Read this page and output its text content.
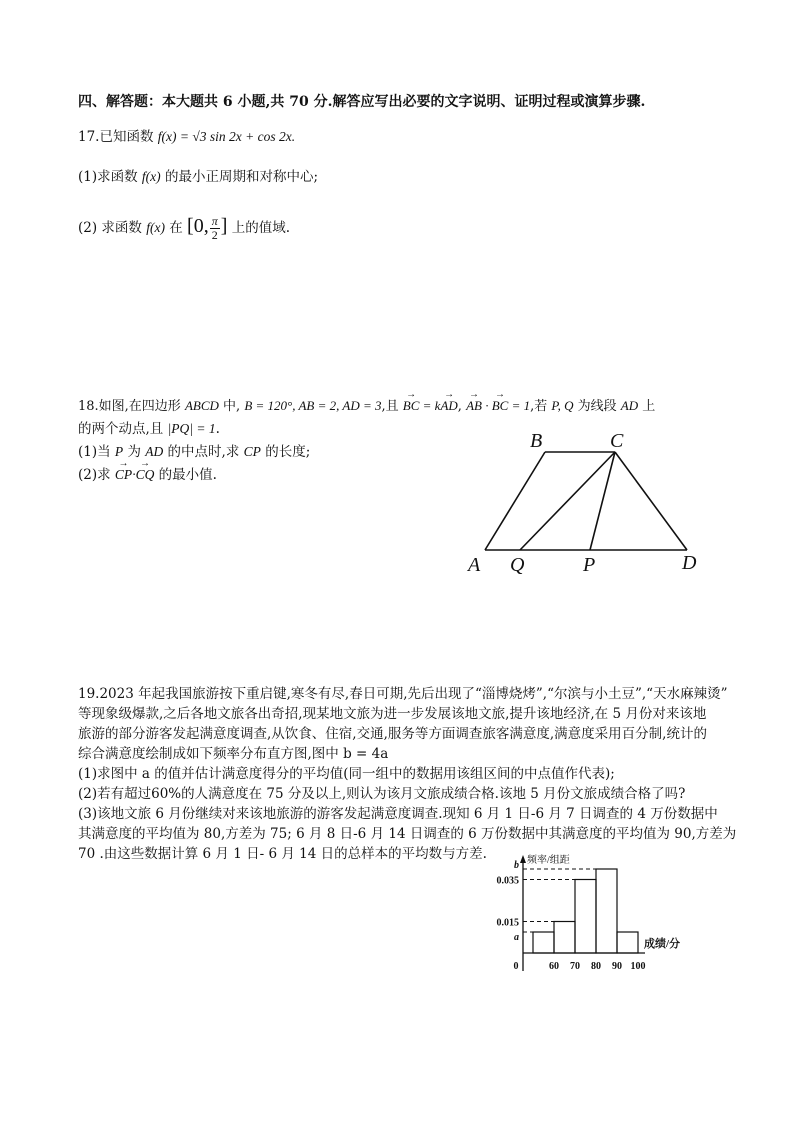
四、解答题：本大题共 6 小题,共 70 分.解答应写出必要的文字说明、证明过程或演算步骤.
17.已知函数 f(x) = √3 sin 2x + cos 2x.
(1)求函数 f(x) 的最小正周期和对称中心;
(2) 求函数 f(x) 在 [0, $\frac{\pi}{2}$ ] 上的值域.
18.如图,在四边形 ABCD 中, B = 120°, AB = 2, AD = 3,且 → BC = k→ AD, → AB · → BC = 1,若 P, Q 为线段 AD 上
的两个动点,且 |PQ| = 1.
(1)当 P 为 AD 的中点时,求 CP 的长度;
(2)求 → CP·→ CQ 的最小值.
B	C
A Q	P	D
19.2023 年起我国旅游按下重启键,寒冬有尽,春日可期,先后出现了“淄博烧烤”,“尔滨与小土豆”,“天水麻辣烫”
等现象级爆款,之后各地文旅各出奇招,现某地文旅为进一步发展该地文旅,提升该地经济,在 5 月份对来该地
旅游的部分游客发起满意度调查,从饮食、住宿,交通,服务等方面调查旅客满意度,满意度采用百分制,统计的
综合满意度绘制成如下频率分布直方图,图中 b = 4a
(1)求图中 a 的值并估计满意度得分的平均值(同一组中的数据用该组区间的中点值作代表);
(2)若有超过60%的人满意度在 75 分及以上,则认为该月文旅成绩合格.该地 5 月份文旅成绩合格了吗?
(3)该地文旅 6 月份继续对来该地旅游的游客发起满意度调查.现知 6 月 1 日-6 月 7 日调查的 4 万份数据中
其满意度的平均值为 80,方差为 75; 6 月 8 日-6 月 14 日调查的 6 万份数据中其满意度的平均值为 90,方差为
70 .由这些数据计算 6 月 1 日- 6 月 14 日的总样本的平均数与方差.	频率/组距
成绩/分
b
0.035
0.015
a
0	60 70 80 90 100
